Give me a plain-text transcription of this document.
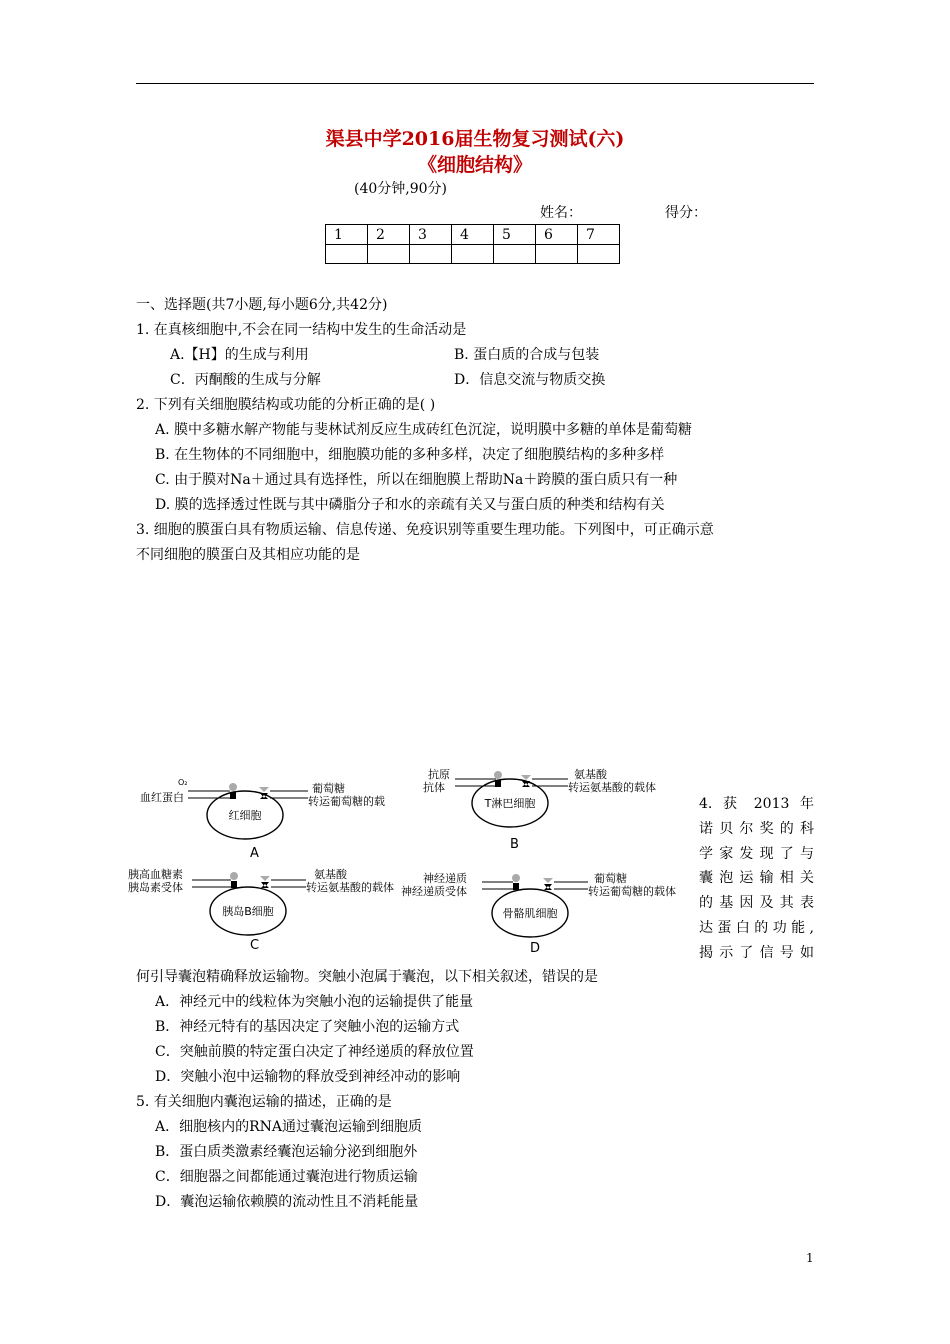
渠县中学2016届生物复习测试(六)
《细胞结构》
(40分钟,90分)
姓名：	得分：
1	2	3	4	5	6	7

一、选择题(共7小题,每小题6分,共42分)
1. 在真核细胞中,不会在同一结构中发生的生命活动是
A.【H】的生成与利用	B. 蛋白质的合成与包装
C．丙酮酸的生成与分解	D．信息交流与物质交换
2. 下列有关细胞膜结构或功能的分析正确的是( )
A. 膜中多糖水解产物能与斐林试剂反应生成砖红色沉淀，说明膜中多糖的单体是葡萄糖
B. 在生物体的不同细胞中，细胞膜功能的多种多样，决定了细胞膜结构的多种多样
C. 由于膜对Na＋通过具有选择性，所以在细胞膜上帮助Na＋跨膜的蛋白质只有一种
D. 膜的选择透过性既与其中磷脂分子和水的亲疏有关又与蛋白质的种类和结构有关
3. 细胞的膜蛋白具有物质运输、信息传递、免疫识别等重要生理功能。下列图中，可正确示意
不同细胞的膜蛋白及其相应功能的是
红细胞
O₂
血红蛋白
葡萄糖
转运葡萄糖的载
A
T淋巴细胞
抗原
抗体
氨基酸
转运氨基酸的载体
B
胰岛B细胞
胰高血糖素
胰岛素受体
氨基酸
转运氨基酸的载体
C
骨骼肌细胞
神经递质
神经递质受体
葡萄糖
转运葡萄糖的载体
D
4. 获 2013 年
诺贝尔奖的科
学家发现了与
囊泡运输相关
的基因及其表
达蛋白的功能,
揭示了信号如
何引导囊泡精确释放运输物。突触小泡属于囊泡，以下相关叙述，错误的是
A．神经元中的线粒体为突触小泡的运输提供了能量
B．神经元特有的基因决定了突触小泡的运输方式
C．突触前膜的特定蛋白决定了神经递质的释放位置
D．突触小泡中运输物的释放受到神经冲动的影响
5. 有关细胞内囊泡运输的描述，正确的是
A．细胞核内的RNA通过囊泡运输到细胞质
B．蛋白质类激素经囊泡运输分泌到细胞外
C．细胞器之间都能通过囊泡进行物质运输
D．囊泡运输依赖膜的流动性且不消耗能量
1
